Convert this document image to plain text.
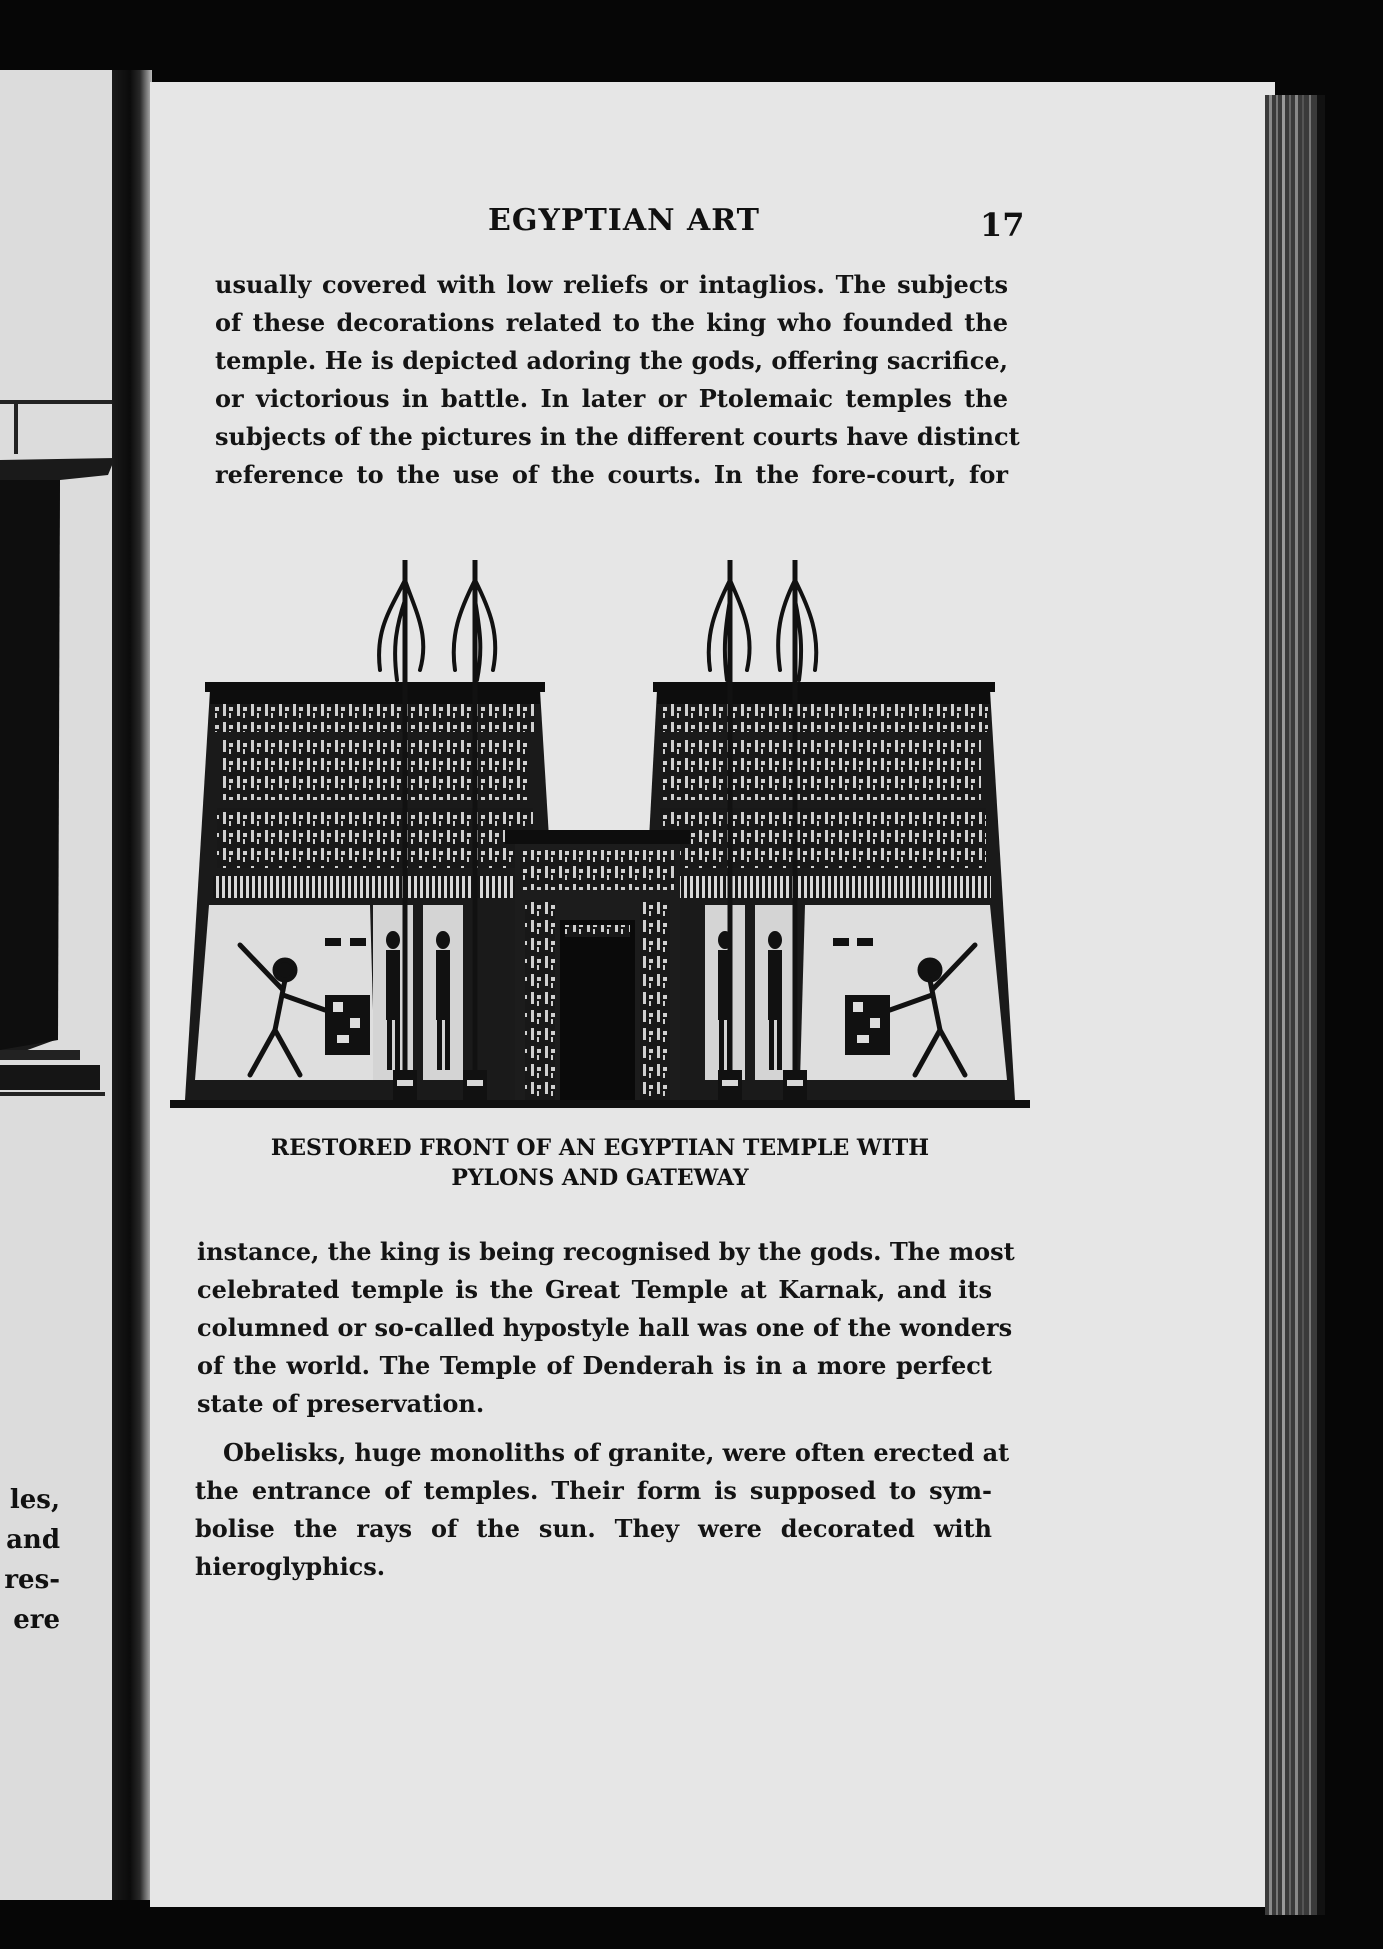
les,
and
res-
ere
EGYPTIAN ART	17
usually covered with low reliefs or intaglios. The subjects
of these decorations related to the king who founded the
temple. He is depicted adoring the gods, offering sacrifice,
or victorious in battle. In later or Ptolemaic temples the
subjects of the pictures in the different courts have distinct
reference to the use of the courts. In the fore-court, for
RESTORED FRONT OF AN EGYPTIAN TEMPLE WITH
PYLONS AND GATEWAY
instance, the king is being recognised by the gods. The most
celebrated temple is the Great Temple at Karnak, and its
columned or so-called hypostyle hall was one of the wonders
of the world. The Temple of Denderah is in a more perfect
state of preservation.
Obelisks, huge monoliths of granite, were often erected at
the entrance of temples. Their form is supposed to sym-
bolise the rays of the sun. They were decorated with
hieroglyphics.
